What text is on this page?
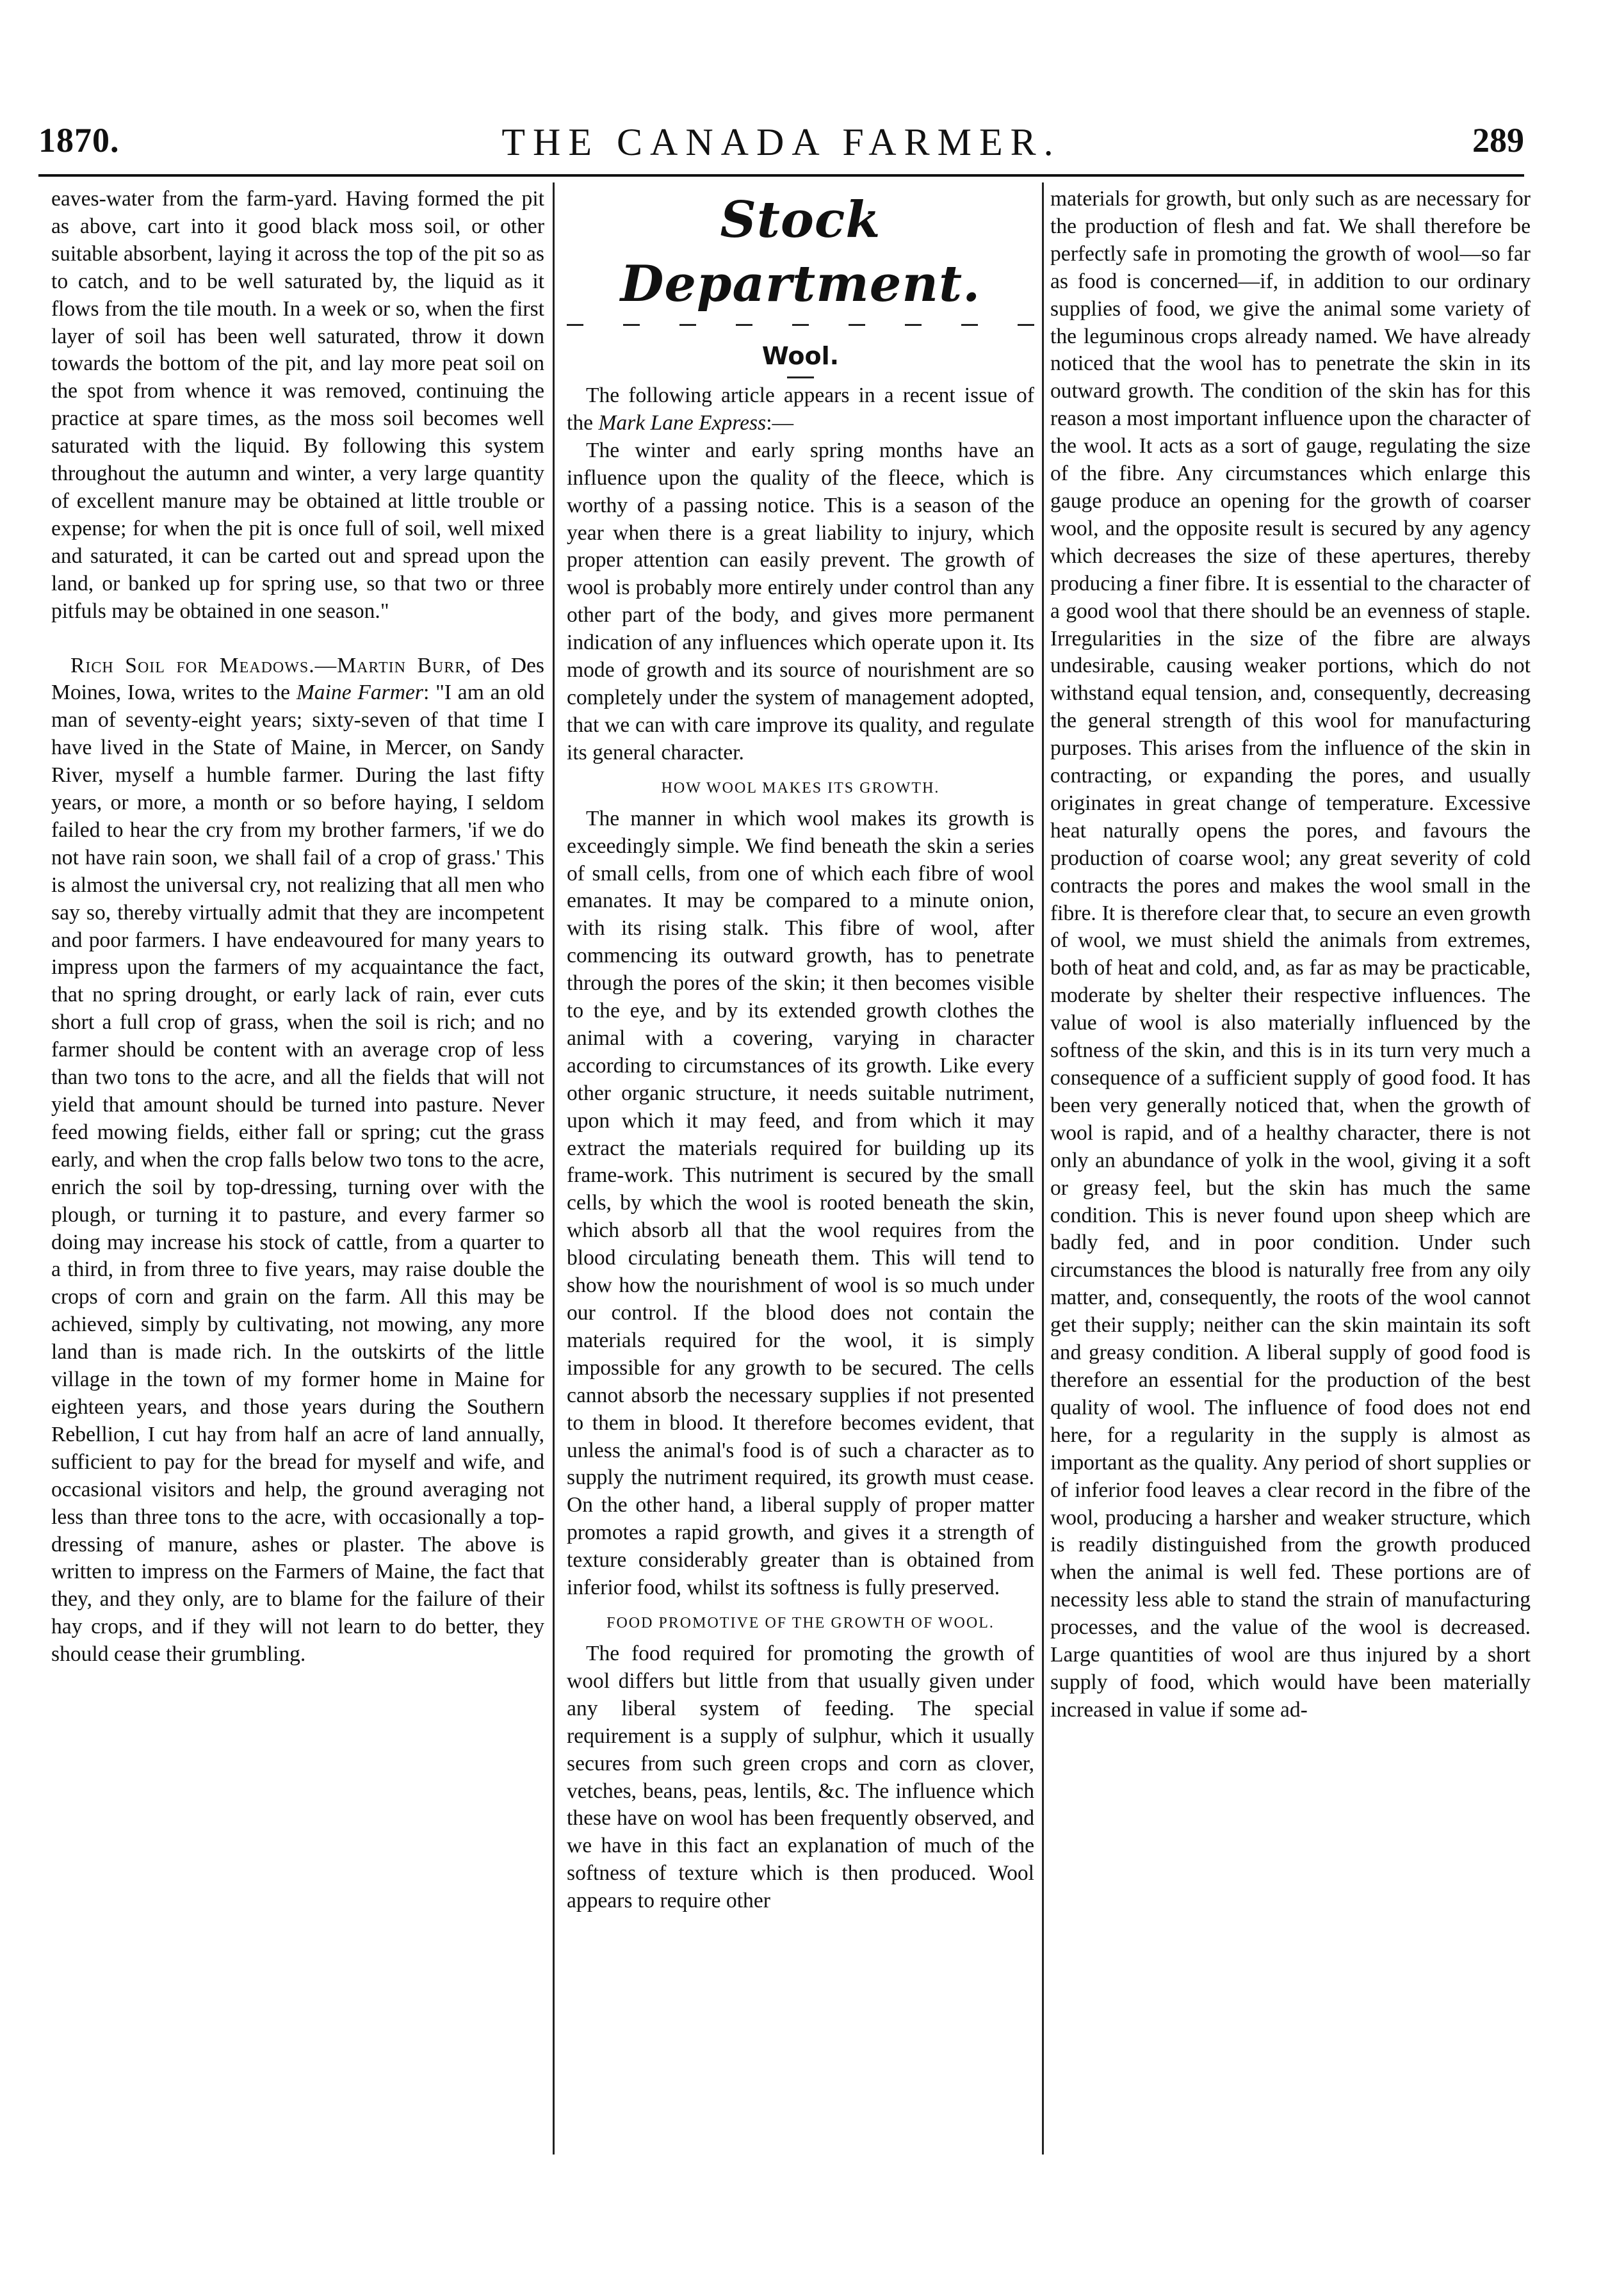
1870.	THE CANADA FARMER.	289

eaves-water from the farm-yard. Having formed the pit as above, cart into it good black moss soil, or other suitable absorbent, laying it across the top of the pit so as to catch, and to be well saturated by, the liquid as it flows from the tile mouth. In a week or so, when the first layer of soil has been well saturated, throw it down towards the bottom of the pit, and lay more peat soil on the spot from whence it was removed, continuing the practice at spare times, as the moss soil becomes well saturated with the liquid. By following this system throughout the autumn and winter, a very large quantity of excellent manure may be obtained at little trouble or expense; for when the pit is once full of soil, well mixed and saturated, it can be carted out and spread upon the land, or banked up for spring use, so that two or three pitfuls may be obtained in one season."

Rich Soil for Meadows.—Martin Burr, of Des Moines, Iowa, writes to the Maine Farmer: "I am an old man of seventy-eight years; sixty-seven of that time I have lived in the State of Maine, in Mercer, on Sandy River, myself a humble farmer. During the last fifty years, or more, a month or so before haying, I seldom failed to hear the cry from my brother farmers, 'if we do not have rain soon, we shall fail of a crop of grass.' This is almost the universal cry, not realizing that all men who say so, thereby virtually admit that they are incompetent and poor farmers. I have endeavoured for many years to impress upon the farmers of my acquaintance the fact, that no spring drought, or early lack of rain, ever cuts short a full crop of grass, when the soil is rich; and no farmer should be content with an average crop of less than two tons to the acre, and all the fields that will not yield that amount should be turned into pasture. Never feed mowing fields, either fall or spring; cut the grass early, and when the crop falls below two tons to the acre, enrich the soil by top-dressing, turning over with the plough, or turning it to pasture, and every farmer so doing may increase his stock of cattle, from a quarter to a third, in from three to five years, may raise double the crops of corn and grain on the farm. All this may be achieved, simply by cultivating, not mowing, any more land than is made rich. In the outskirts of the little village in the town of my former home in Maine for eighteen years, and those years during the Southern Rebellion, I cut hay from half an acre of land annually, sufficient to pay for the bread for myself and wife, and occasional visitors and help, the ground averaging not less than three tons to the acre, with occasionally a top-dressing of manure, ashes or plaster. The above is written to impress on the Farmers of Maine, the fact that they, and they only, are to blame for the failure of their hay crops, and if they will not learn to do better, they should cease their grumbling.

Stock Department.
Wool.

The following article appears in a recent issue of the Mark Lane Express:—

The winter and early spring months have an influence upon the quality of the fleece, which is worthy of a passing notice. This is a season of the year when there is a great liability to injury, which proper attention can easily prevent. The growth of wool is probably more entirely under control than any other part of the body, and gives more permanent indication of any influences which operate upon it. Its mode of growth and its source of nourishment are so completely under the system of management adopted, that we can with care improve its quality, and regulate its general character.

HOW WOOL MAKES ITS GROWTH.

The manner in which wool makes its growth is exceedingly simple. We find beneath the skin a series of small cells, from one of which each fibre of wool emanates. It may be compared to a minute onion, with its rising stalk. This fibre of wool, after commencing its outward growth, has to penetrate through the pores of the skin; it then becomes visible to the eye, and by its extended growth clothes the animal with a covering, varying in character according to circumstances of its growth. Like every other organic structure, it needs suitable nutriment, upon which it may feed, and from which it may extract the materials required for building up its frame-work. This nutriment is secured by the small cells, by which the wool is rooted beneath the skin, which absorb all that the wool requires from the blood circulating beneath them. This will tend to show how the nourishment of wool is so much under our control. If the blood does not contain the materials required for the wool, it is simply impossible for any growth to be secured. The cells cannot absorb the necessary supplies if not presented to them in blood. It therefore becomes evident, that unless the animal's food is of such a character as to supply the nutriment required, its growth must cease. On the other hand, a liberal supply of proper matter promotes a rapid growth, and gives it a strength of texture considerably greater than is obtained from inferior food, whilst its softness is fully preserved.

FOOD PROMOTIVE OF THE GROWTH OF WOOL.

The food required for promoting the growth of wool differs but little from that usually given under any liberal system of feeding. The special requirement is a supply of sulphur, which it usually secures from such green crops and corn as clover, vetches, beans, peas, lentils, &c. The influence which these have on wool has been frequently observed, and we have in this fact an explanation of much of the softness of texture which is then produced. Wool appears to require other

materials for growth, but only such as are necessary for the production of flesh and fat. We shall therefore be perfectly safe in promoting the growth of wool—so far as food is concerned—if, in addition to our ordinary supplies of food, we give the animal some variety of the leguminous crops already named. We have already noticed that the wool has to penetrate the skin in its outward growth. The condition of the skin has for this reason a most important influence upon the character of the wool. It acts as a sort of gauge, regulating the size of the fibre. Any circumstances which enlarge this gauge produce an opening for the growth of coarser wool, and the opposite result is secured by any agency which decreases the size of these apertures, thereby producing a finer fibre. It is essential to the character of a good wool that there should be an evenness of staple. Irregularities in the size of the fibre are always undesirable, causing weaker portions, which do not withstand equal tension, and, consequently, decreasing the general strength of this wool for manufacturing purposes. This arises from the influence of the skin in contracting, or expanding the pores, and usually originates in great change of temperature. Excessive heat naturally opens the pores, and favours the production of coarse wool; any great severity of cold contracts the pores and makes the wool small in the fibre. It is therefore clear that, to secure an even growth of wool, we must shield the animals from extremes, both of heat and cold, and, as far as may be practicable, moderate by shelter their respective influences. The value of wool is also materially influenced by the softness of the skin, and this is in its turn very much a consequence of a sufficient supply of good food. It has been very generally noticed that, when the growth of wool is rapid, and of a healthy character, there is not only an abundance of yolk in the wool, giving it a soft or greasy feel, but the skin has much the same condition. This is never found upon sheep which are badly fed, and in poor condition. Under such circumstances the blood is naturally free from any oily matter, and, consequently, the roots of the wool cannot get their supply; neither can the skin maintain its soft and greasy condition. A liberal supply of good food is therefore an essential for the production of the best quality of wool. The influence of food does not end here, for a regularity in the supply is almost as important as the quality. Any period of short supplies or of inferior food leaves a clear record in the fibre of the wool, producing a harsher and weaker structure, which is readily distinguished from the growth produced when the animal is well fed. These portions are of necessity less able to stand the strain of manufacturing processes, and the value of the wool is decreased. Large quantities of wool are thus injured by a short supply of food, which would have been materially increased in value if some ad-
